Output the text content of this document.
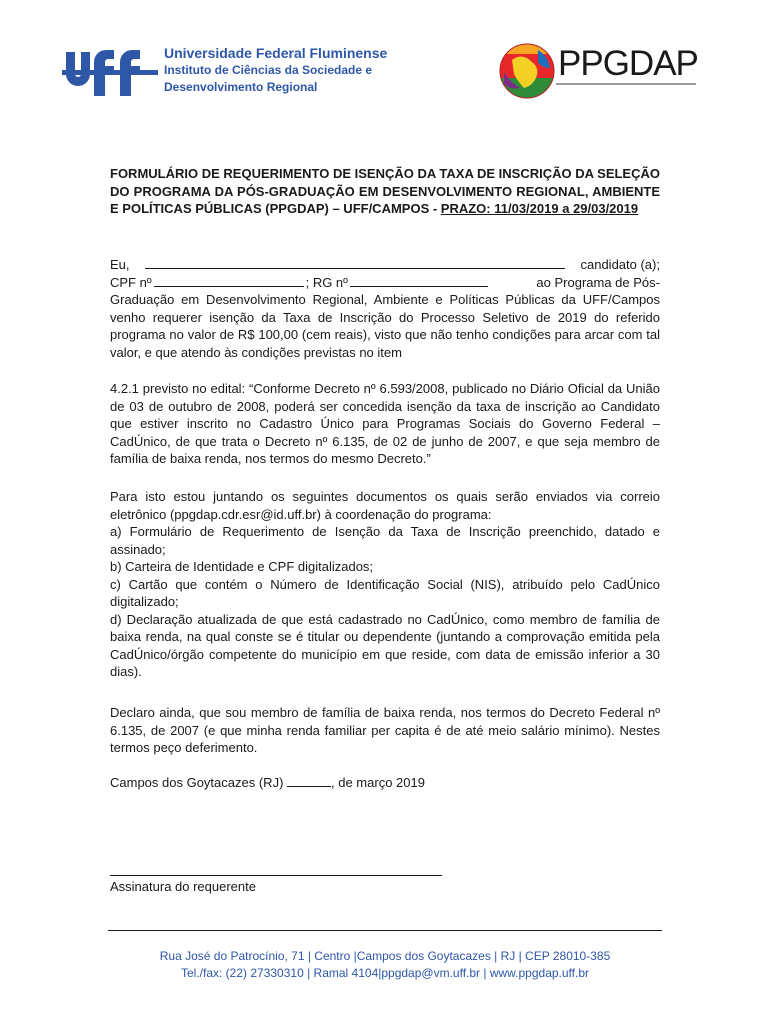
Universidade Federal Fluminense
Instituto de Ciências da Sociedade e
Desenvolvimento Regional
PPGDAP
FORMULÁRIO DE REQUERIMENTO DE ISENÇÃO DA TAXA DE INSCRIÇÃO DA SELEÇÃO DO PROGRAMA DA PÓS-GRADUAÇÃO EM DESENVOLVIMENTO REGIONAL, AMBIENTE E POLÍTICAS PÚBLICAS (PPGDAP) – UFF/CAMPOS - PRAZO: 11/03/2019 a 29/03/2019
Eu,	candidato (a);
CPF nº	; RG nº	ao Programa de Pós-
Graduação em Desenvolvimento Regional, Ambiente e Políticas Públicas da UFF/Campos venho requerer isenção da Taxa de Inscrição do Processo Seletivo de 2019 do referido programa no valor de R$ 100,00 (cem reais), visto que não tenho condições para arcar com tal valor, e que atendo às condições previstas no item
4.2.1 previsto no edital: “Conforme Decreto nº 6.593/2008, publicado no Diário Oficial da União de 03 de outubro de 2008, poderá ser concedida isenção da taxa de inscrição ao Candidato que estiver inscrito no Cadastro Único para Programas Sociais do Governo Federal – CadÚnico, de que trata o Decreto nº 6.135, de 02 de junho de 2007, e que seja membro de família de baixa renda, nos termos do mesmo Decreto.”
Para isto estou juntando os seguintes documentos os quais serão enviados via correio eletrônico (ppgdap.cdr.esr@id.uff.br) à coordenação do programa:
a) Formulário de Requerimento de Isenção da Taxa de Inscrição preenchido, datado e assinado;
b) Carteira de Identidade e CPF digitalizados;
c) Cartão que contém o Número de Identificação Social (NIS), atribuído pelo CadÚnico digitalizado;
d) Declaração atualizada de que está cadastrado no CadÚnico, como membro de família de baixa renda, na qual conste se é titular ou dependente (juntando a comprovação emitida pela CadÚnico/órgão competente do município em que reside, com data de emissão inferior a 30 dias).
Declaro ainda, que sou membro de família de baixa renda, nos termos do Decreto Federal nº 6.135, de 2007 (e que minha renda familiar per capita é de até meio salário mínimo). Nestes termos peço deferimento.
Campos dos Goytacazes (RJ)	, de março 2019
Assinatura do requerente
Rua José do Patrocínio, 71 | Centro |Campos dos Goytacazes | RJ | CEP 28010-385
Tel./fax: (22) 27330310 | Ramal 4104|ppgdap@vm.uff.br | www.ppgdap.uff.br
